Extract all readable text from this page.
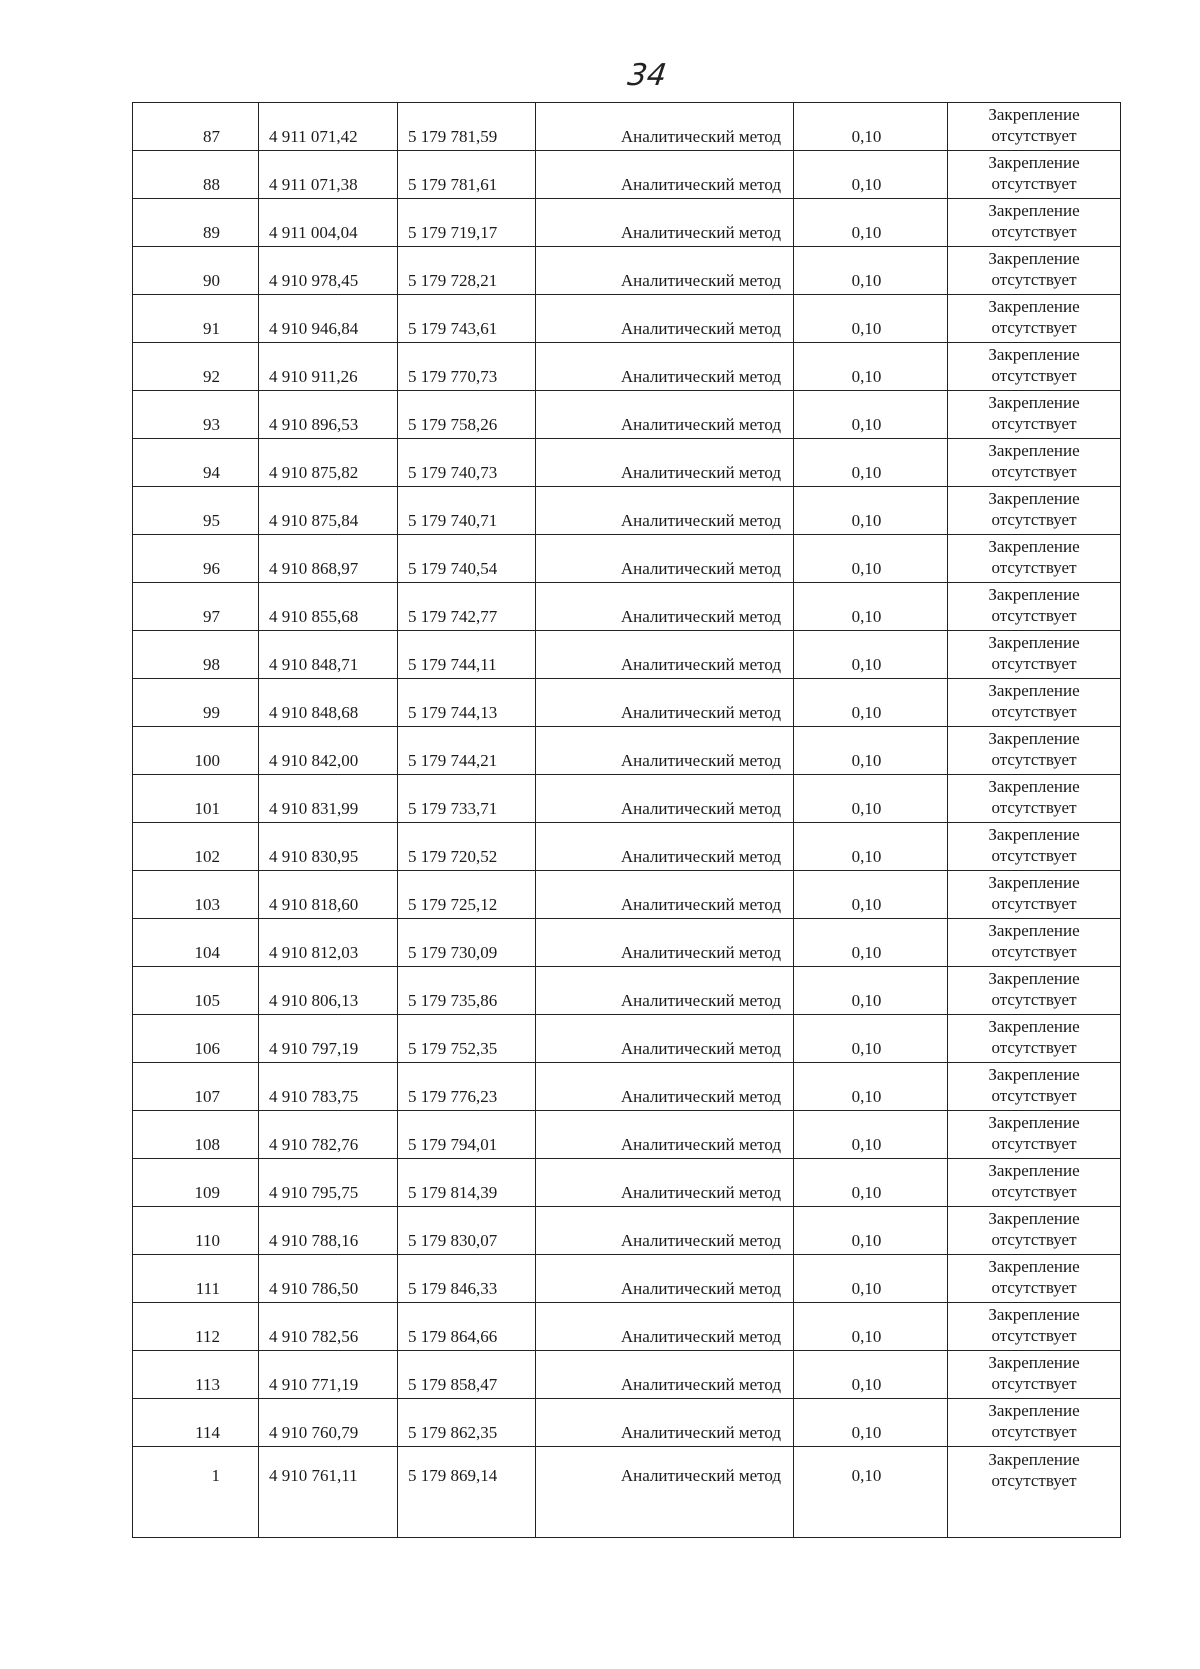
34
87	4 911 071,42	5 179 781,59	Аналитический метод	0,10	Закрепление отсутствует

88	4 911 071,38	5 179 781,61	Аналитический метод	0,10	Закрепление отсутствует

89	4 911 004,04	5 179 719,17	Аналитический метод	0,10	Закрепление отсутствует

90	4 910 978,45	5 179 728,21	Аналитический метод	0,10	Закрепление отсутствует

91	4 910 946,84	5 179 743,61	Аналитический метод	0,10	Закрепление отсутствует

92	4 910 911,26	5 179 770,73	Аналитический метод	0,10	Закрепление отсутствует

93	4 910 896,53	5 179 758,26	Аналитический метод	0,10	Закрепление отсутствует

94	4 910 875,82	5 179 740,73	Аналитический метод	0,10	Закрепление отсутствует

95	4 910 875,84	5 179 740,71	Аналитический метод	0,10	Закрепление отсутствует

96	4 910 868,97	5 179 740,54	Аналитический метод	0,10	Закрепление отсутствует

97	4 910 855,68	5 179 742,77	Аналитический метод	0,10	Закрепление отсутствует

98	4 910 848,71	5 179 744,11	Аналитический метод	0,10	Закрепление отсутствует

99	4 910 848,68	5 179 744,13	Аналитический метод	0,10	Закрепление отсутствует

100	4 910 842,00	5 179 744,21	Аналитический метод	0,10	Закрепление отсутствует

101	4 910 831,99	5 179 733,71	Аналитический метод	0,10	Закрепление отсутствует

102	4 910 830,95	5 179 720,52	Аналитический метод	0,10	Закрепление отсутствует

103	4 910 818,60	5 179 725,12	Аналитический метод	0,10	Закрепление отсутствует

104	4 910 812,03	5 179 730,09	Аналитический метод	0,10	Закрепление отсутствует

105	4 910 806,13	5 179 735,86	Аналитический метод	0,10	Закрепление отсутствует

106	4 910 797,19	5 179 752,35	Аналитический метод	0,10	Закрепление отсутствует

107	4 910 783,75	5 179 776,23	Аналитический метод	0,10	Закрепление отсутствует

108	4 910 782,76	5 179 794,01	Аналитический метод	0,10	Закрепление отсутствует

109	4 910 795,75	5 179 814,39	Аналитический метод	0,10	Закрепление отсутствует

110	4 910 788,16	5 179 830,07	Аналитический метод	0,10	Закрепление отсутствует

111	4 910 786,50	5 179 846,33	Аналитический метод	0,10	Закрепление отсутствует

112	4 910 782,56	5 179 864,66	Аналитический метод	0,10	Закрепление отсутствует

113	4 910 771,19	5 179 858,47	Аналитический метод	0,10	Закрепление отсутствует

114	4 910 760,79	5 179 862,35	Аналитический метод	0,10	Закрепление отсутствует

1	4 910 761,11	5 179 869,14	Аналитический метод	0,10	Закрепление отсутствует
